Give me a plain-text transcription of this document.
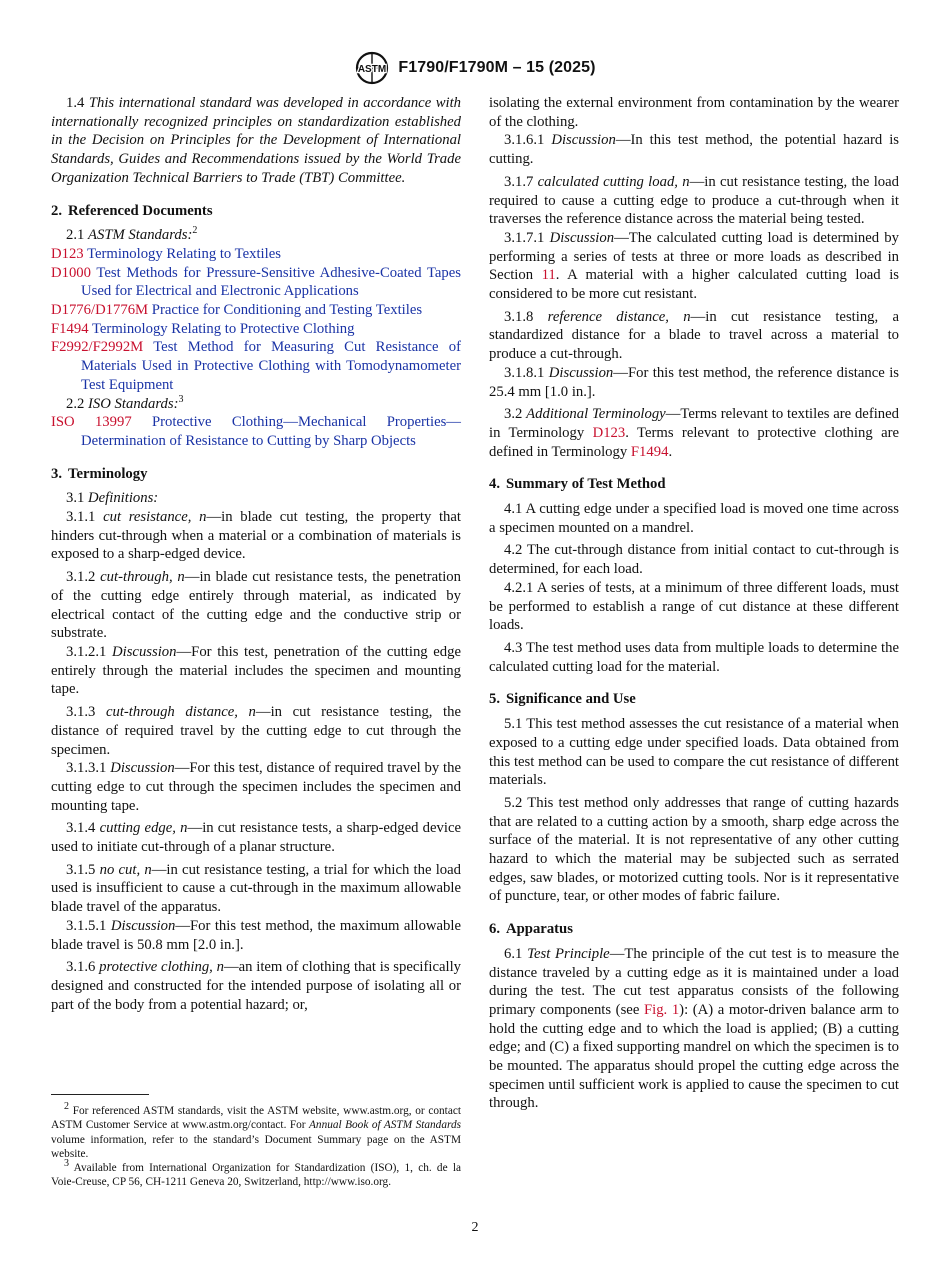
ASTM F1790/F1790M – 15 (2025)

1.4 This international standard was developed in accordance with internationally recognized principles on standardization established in the Decision on Principles for the Development of International Standards, Guides and Recommendations issued by the World Trade Organization Technical Barriers to Trade (TBT) Committee.

2. Referenced Documents

2.1 ASTM Standards:$^2$

D123 Terminology Relating to Textiles

D1000 Test Methods for Pressure-Sensitive Adhesive-Coated Tapes Used for Electrical and Electronic Applications

D1776/D1776M Practice for Conditioning and Testing Textiles

F1494 Terminology Relating to Protective Clothing

F2992/F2992M Test Method for Measuring Cut Resistance of Materials Used in Protective Clothing with Tomodynamometer Test Equipment

2.2 ISO Standards:$^3$

ISO 13997 Protective Clothing—Mechanical Properties—Determination of Resistance to Cutting by Sharp Objects

3. Terminology

3.1 Definitions:

3.1.1 cut resistance, n—in blade cut testing, the property that hinders cut-through when a material or a combination of materials is exposed to a sharp-edged device.

3.1.2 cut-through, n—in blade cut resistance tests, the penetration of the cutting edge entirely through material, as indicated by electrical contact of the cutting edge and the conductive strip or substrate.

3.1.2.1 Discussion—For this test, penetration of the cutting edge entirely through the material includes the specimen and mounting tape.

3.1.3 cut-through distance, n—in cut resistance testing, the distance of required travel by the cutting edge to cut through the specimen.

3.1.3.1 Discussion—For this test, distance of required travel by the cutting edge to cut through the specimen includes the specimen and mounting tape.

3.1.4 cutting edge, n—in cut resistance tests, a sharp-edged device used to initiate cut-through of a planar structure.

3.1.5 no cut, n—in cut resistance testing, a trial for which the load used is insufficient to cause a cut-through in the maximum allowable blade travel of the apparatus.

3.1.5.1 Discussion—For this test method, the maximum allowable blade travel is 50.8 mm [2.0 in.].

3.1.6 protective clothing, n—an item of clothing that is specifically designed and constructed for the intended purpose of isolating all or part of the body from a potential hazard; or,

isolating the external environment from contamination by the wearer of the clothing.

3.1.6.1 Discussion—In this test method, the potential hazard is cutting.

3.1.7 calculated cutting load, n—in cut resistance testing, the load required to cause a cutting edge to produce a cut-through when it traverses the reference distance across the material being tested.

3.1.7.1 Discussion—The calculated cutting load is determined by performing a series of tests at three or more loads as described in Section 11. A material with a higher calculated cutting load is considered to be more cut resistant.

3.1.8 reference distance, n—in cut resistance testing, a standardized distance for a blade to travel across a material to produce a cut-through.

3.1.8.1 Discussion—For this test method, the reference distance is 25.4 mm [1.0 in.].

3.2 Additional Terminology—Terms relevant to textiles are defined in Terminology D123. Terms relevant to protective clothing are defined in Terminology F1494.

4. Summary of Test Method

4.1 A cutting edge under a specified load is moved one time across a specimen mounted on a mandrel.

4.2 The cut-through distance from initial contact to cut-through is determined, for each load.

4.2.1 A series of tests, at a minimum of three different loads, must be performed to establish a range of cut distance at these different loads.

4.3 The test method uses data from multiple loads to determine the calculated cutting load for the material.

5. Significance and Use

5.1 This test method assesses the cut resistance of a material when exposed to a cutting edge under specified loads. Data obtained from this test method can be used to compare the cut resistance of different materials.

5.2 This test method only addresses that range of cutting hazards that are related to a cutting action by a smooth, sharp edge across the surface of the material. It is not representative of any other cutting hazard to which the material may be subjected such as serrated edges, saw blades, or motorized cutting tools. Nor is it representative of puncture, tear, or other modes of fabric failure.

6. Apparatus

6.1 Test Principle—The principle of the cut test is to measure the distance traveled by a cutting edge as it is maintained under a load during the test. The cut test apparatus consists of the following primary components (see Fig. 1): (A) a motor-driven balance arm to hold the cutting edge and to which the load is applied; (B) a cutting edge; and (C) a fixed supporting mandrel on which the specimen is to be mounted. The apparatus should propel the cutting edge across the specimen until sufficient work is applied to cause the specimen to cut through.

$^2$ For referenced ASTM standards, visit the ASTM website, www.astm.org, or contact ASTM Customer Service at www.astm.org/contact. For Annual Book of ASTM Standards volume information, refer to the standard’s Document Summary page on the ASTM website.

$^3$ Available from International Organization for Standardization (ISO), 1, ch. de la Voie-Creuse, CP 56, CH-1211 Geneva 20, Switzerland, http://www.iso.org.

2
